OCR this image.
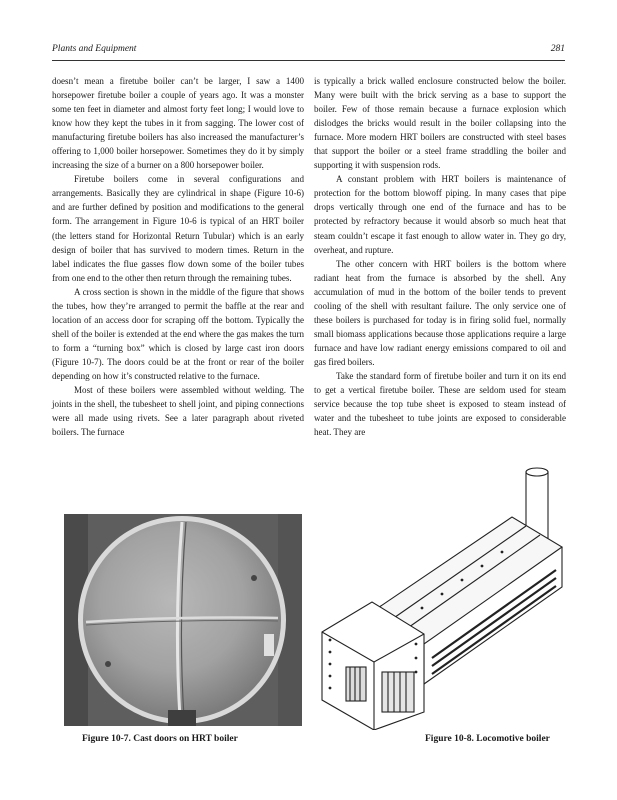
Plants and Equipment	281

doesn’t mean a firetube boiler can’t be larger, I saw a 1400 horsepower firetube boiler a couple of years ago. It was a monster some ten feet in diameter and almost forty feet long; I would love to know how they kept the tubes in it from sagging. The lower cost of manufacturing firetube boilers has also increased the manufacturer’s offering to 1,000 boiler horsepower. Sometimes they do it by simply increasing the size of a burner on a 800 horsepower boiler.

Firetube boilers come in several configurations and arrangements. Basically they are cylindrical in shape (Figure 10-6) and are further defined by position and modifications to the general form. The arrangement in Figure 10-6 is typical of an HRT boiler (the letters stand for Horizontal Return Tubular) which is an early design of boiler that has survived to modern times. Return in the label indicates the flue gasses flow down some of the boiler tubes from one end to the other then return through the remaining tubes.

A cross section is shown in the middle of the figure that shows the tubes, how they’re arranged to permit the baffle at the rear and location of an access door for scraping off the bottom. Typically the shell of the boiler is extended at the end where the gas makes the turn to form a “turning box” which is closed by large cast iron doors (Figure 10-7). The doors could be at the front or rear of the boiler depending on how it’s constructed relative to the furnace.

Most of these boilers were assembled without welding. The joints in the shell, the tubesheet to shell joint, and piping connections were all made using rivets. See a later paragraph about riveted boilers. The furnace

is typically a brick walled enclosure constructed below the boiler. Many were built with the brick serving as a base to support the boiler. Few of those remain because a furnace explosion which dislodges the bricks would result in the boiler collapsing into the furnace. More modern HRT boilers are constructed with steel bases that support the boiler or a steel frame straddling the boiler and supporting it with suspension rods.

A constant problem with HRT boilers is maintenance of protection for the bottom blowoff piping. In many cases that pipe drops vertically through one end of the furnace and has to be protected by refractory because it would absorb so much heat that steam couldn’t escape it fast enough to allow water in. They go dry, overheat, and rupture.

The other concern with HRT boilers is the bottom where radiant heat from the furnace is absorbed by the shell. Any accumulation of mud in the bottom of the boiler tends to prevent cooling of the shell with resultant failure. The only service one of these boilers is purchased for today is in firing solid fuel, normally small biomass applications because those applications require a large furnace and have low radiant energy emissions compared to oil and gas fired boilers.

Take the standard form of firetube boiler and turn it on its end to get a vertical firetube boiler. These are seldom used for steam service because the top tube sheet is exposed to steam instead of water and the tubesheet to tube joints are exposed to considerable heat. They are

Figure 10-7. Cast doors on HRT boiler	Figure 10-8. Locomotive boiler
